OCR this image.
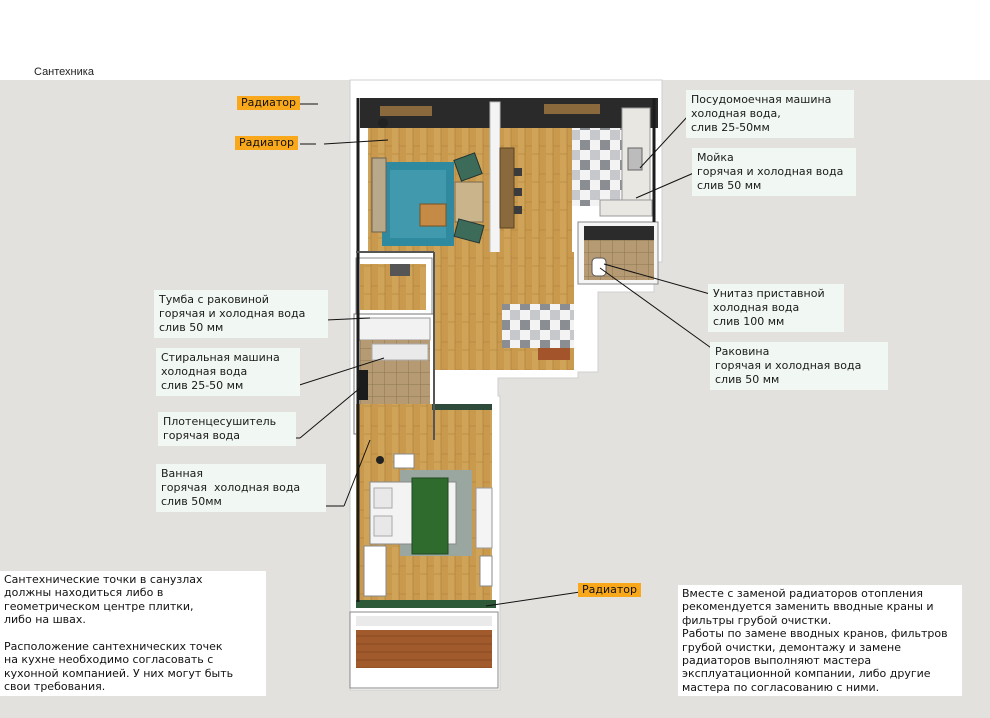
Сантехника
Радиатор
Радиатор
Радиатор
Посудомоечная машина
холодная вода,
слив 25-50мм
Мойка
горячая и холодная вода
слив 50 мм
Унитаз приставной
холодная вода
слив 100 мм
Раковина
горячая и холодная вода
слив 50 мм
Тумба с раковиной
горячая и холодная вода
слив 50 мм
Стиральная машина
холодная вода
слив 25-50 мм
Плотенцесушитель
горячая вода
Ванная
горячая  холодная вода
слив 50мм
Сантехнические точки в санузлах
должны находиться либо в
геометрическом центре плитки,
либо на швах.

Расположение сантехнических точек
на кухне необходимо согласовать с
кухонной компанией. У них могут быть
свои требования.
Вместе с заменой радиаторов отопления
рекомендуется заменить вводные краны и
фильтры грубой очистки.
Работы по замене вводных кранов, фильтров
грубой очистки, демонтажу и замене
радиаторов выполняют мастера
эксплуатационной компании, либо другие
мастера по согласованию с ними.
